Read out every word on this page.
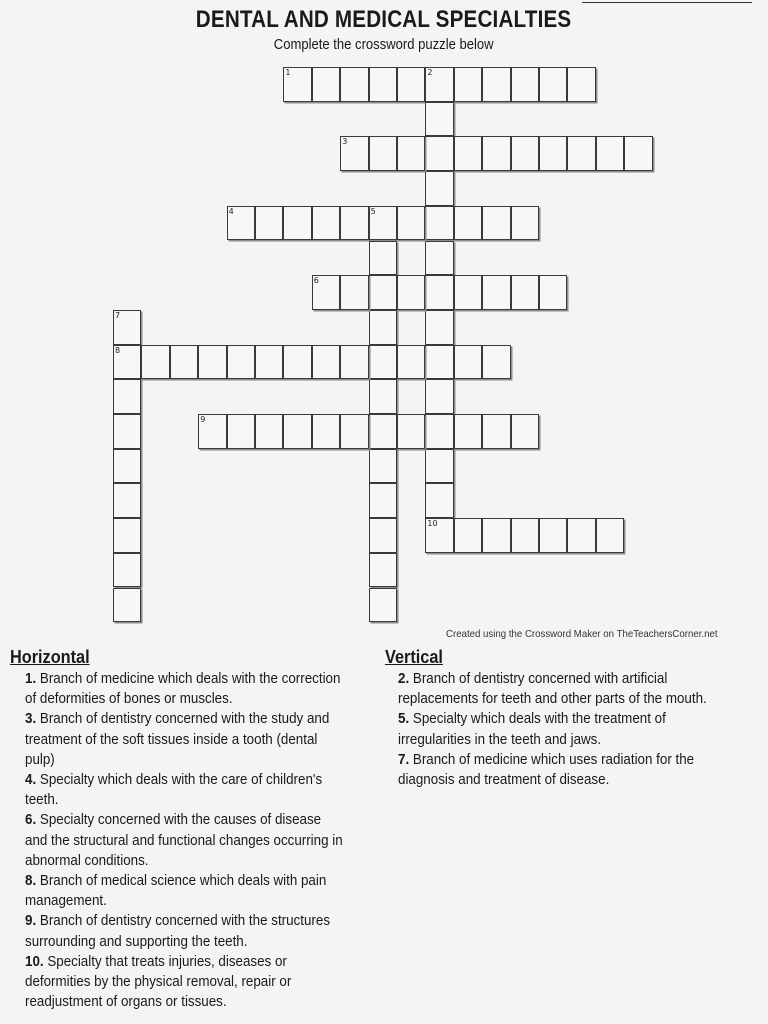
DENTAL AND MEDICAL SPECIALTIES
Complete the crossword puzzle below
1	2
3
4	5
6
7
8
9
10
Created using the Crossword Maker on TheTeachersCorner.net
Horizontal	Vertical
1. Branch of medicine which deals with the correction
of deformities of bones or muscles.
3. Branch of dentistry concerned with the study and
treatment of the soft tissues inside a tooth (dental
pulp)
4. Specialty which deals with the care of children's
teeth.
6. Specialty concerned with the causes of disease
and the structural and functional changes occurring in
abnormal conditions.
8. Branch of medical science which deals with pain
management.
9. Branch of dentistry concerned with the structures
surrounding and supporting the teeth.
10. Specialty that treats injuries, diseases or
deformities by the physical removal, repair or
readjustment of organs or tissues.
2. Branch of dentistry concerned with artificial
replacements for teeth and other parts of the mouth.
5. Specialty which deals with the treatment of
irregularities in the teeth and jaws.
7. Branch of medicine which uses radiation for the
diagnosis and treatment of disease.
